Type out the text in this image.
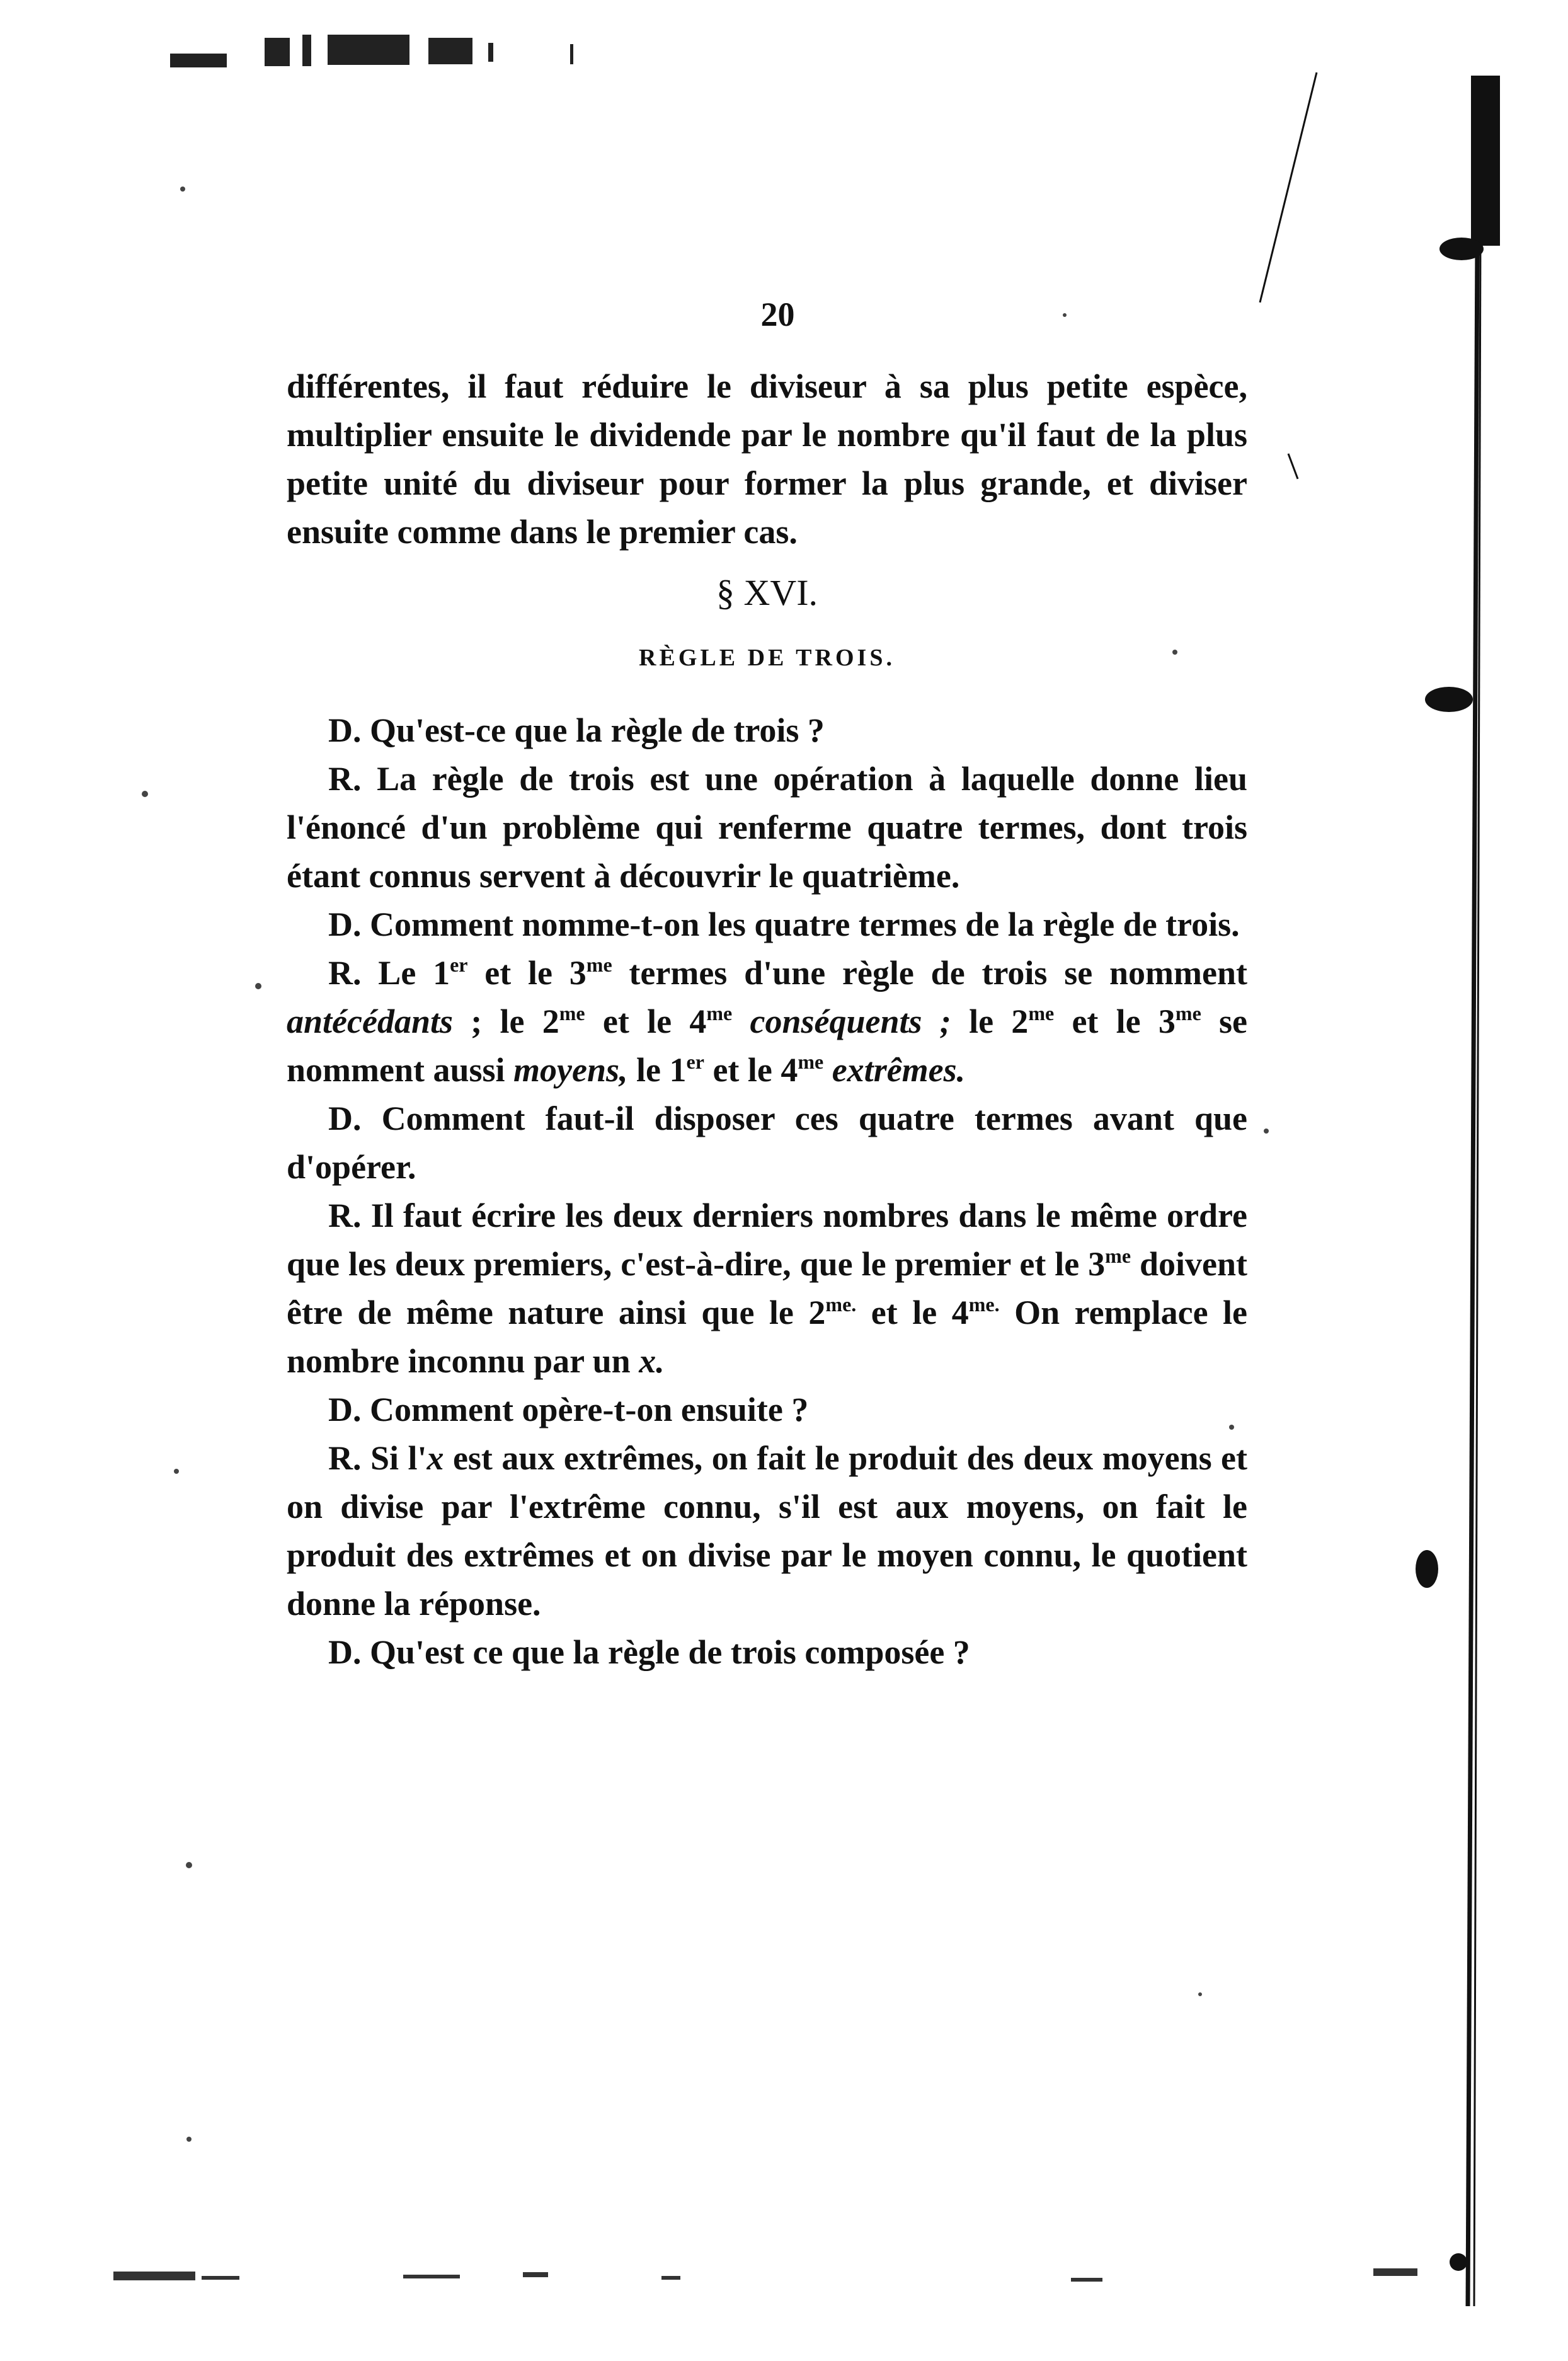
20

différentes, il faut réduire le diviseur à sa plus petite espèce, multiplier ensuite le dividende par le nombre qu'il faut de la plus petite unité du diviseur pour former la plus grande, et diviser ensuite comme dans le premier cas.

§ XVI.
RÈGLE DE TROIS.

D. Qu'est-ce que la règle de trois ?

R. La règle de trois est une opération à laquelle donne lieu l'énoncé d'un problème qui renferme quatre termes, dont trois étant connus servent à découvrir le quatrième.

D. Comment nomme-t-on les quatre termes de la règle de trois.

R. Le 1er et le $3^{me}$ termes d'une règle de trois se nomment antécédants ; le $2^{me}$ et le $4^{me}$ conséquents ; le $2^{me}$ et le $3^{me}$ se nomment aussi moyens, le 1er et le $4^{me}$ extrêmes.

D. Comment faut-il disposer ces quatre termes avant que d'opérer.

R. Il faut écrire les deux derniers nombres dans le même ordre que les deux premiers, c'est-à-dire, que le premier et le $3^{me}$ doivent être de même nature ainsi que le $2^{me.}$ et le $4^{me.}$ On remplace le nombre inconnu par un x.

D. Comment opère-t-on ensuite ?

R. Si l'x est aux extrêmes, on fait le produit des deux moyens et on divise par l'extrême connu, s'il est aux moyens, on fait le produit des extrêmes et on divise par le moyen connu, le quotient donne la réponse.

D. Qu'est ce que la règle de trois composée ?
